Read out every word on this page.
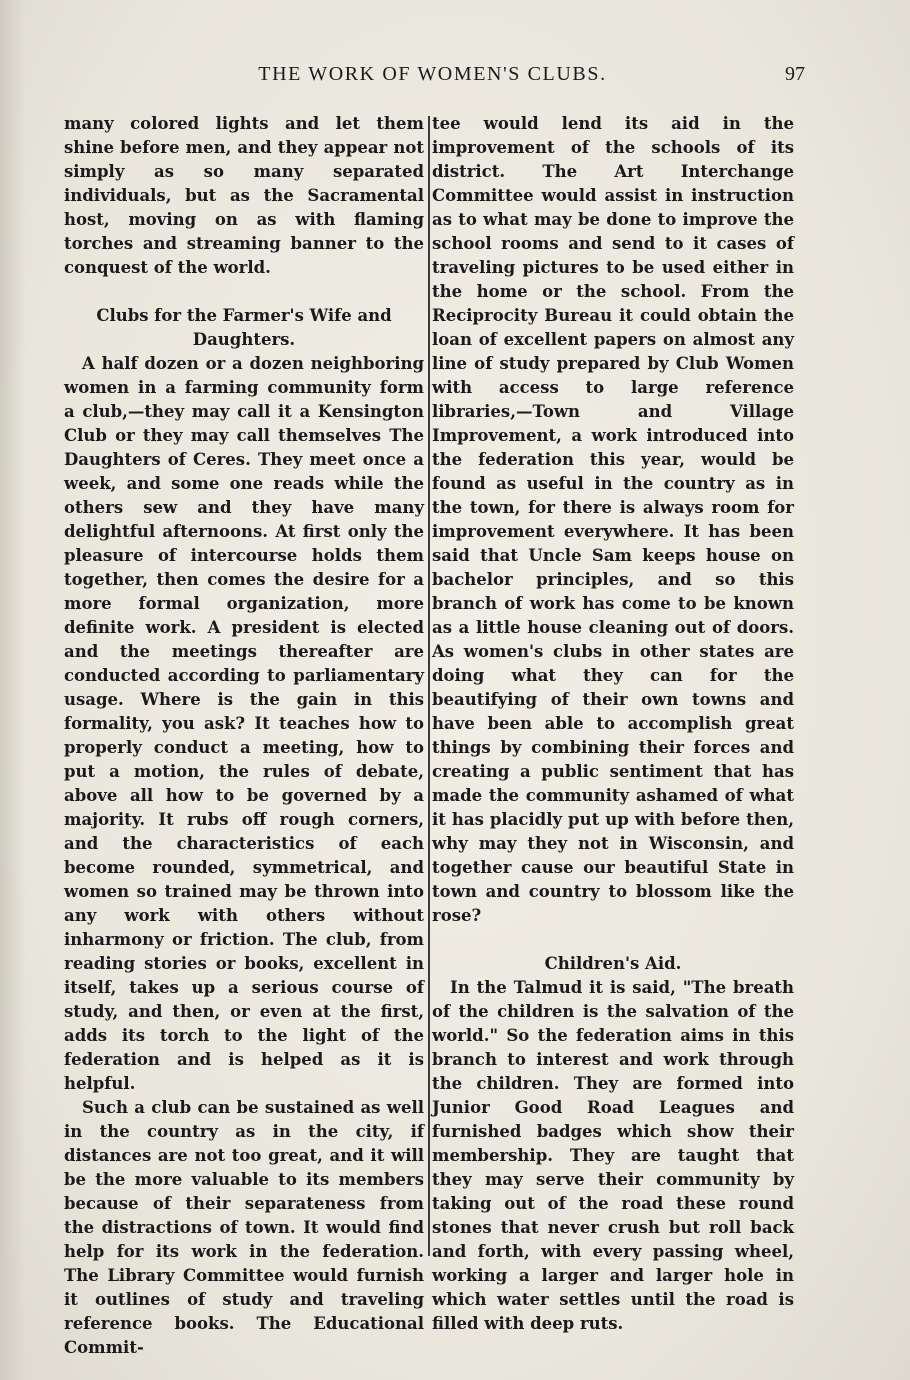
THE WORK OF WOMEN'S CLUBS.	97

many colored lights and let them shine before men, and they appear not simply as so many separated individuals, but as the Sacramental host, moving on as with flaming torches and streaming banner to the conquest of the world.

Clubs for the Farmer's Wife and Daughters.

A half dozen or a dozen neighboring women in a farming community form a club,—they may call it a Kensington Club or they may call themselves The Daughters of Ceres. They meet once a week, and some one reads while the others sew and they have many delightful afternoons. At first only the pleasure of intercourse holds them together, then comes the desire for a more formal organization, more definite work. A president is elected and the meetings thereafter are conducted according to parliamentary usage. Where is the gain in this formality, you ask? It teaches how to properly conduct a meeting, how to put a motion, the rules of debate, above all how to be governed by a majority. It rubs off rough corners, and the characteristics of each become rounded, symmetrical, and women so trained may be thrown into any work with others without inharmony or friction. The club, from reading stories or books, excellent in itself, takes up a serious course of study, and then, or even at the first, adds its torch to the light of the federation and is helped as it is helpful.

Such a club can be sustained as well in the country as in the city, if distances are not too great, and it will be the more valuable to its members because of their separateness from the distractions of town. It would find help for its work in the federation. The Library Committee would furnish it outlines of study and traveling reference books. The Educational Commit-

tee would lend its aid in the improvement of the schools of its district. The Art Interchange Committee would assist in instruction as to what may be done to improve the school rooms and send to it cases of traveling pictures to be used either in the home or the school. From the Reciprocity Bureau it could obtain the loan of excellent papers on almost any line of study prepared by Club Women with access to large reference libraries,—Town and Village Improvement, a work introduced into the federation this year, would be found as useful in the country as in the town, for there is always room for improvement everywhere. It has been said that Uncle Sam keeps house on bachelor principles, and so this branch of work has come to be known as a little house cleaning out of doors. As women's clubs in other states are doing what they can for the beautifying of their own towns and have been able to accomplish great things by combining their forces and creating a public sentiment that has made the community ashamed of what it has placidly put up with before then, why may they not in Wisconsin, and together cause our beautiful State in town and country to blossom like the rose?

Children's Aid.

In the Talmud it is said, "The breath of the children is the salvation of the world." So the federation aims in this branch to interest and work through the children. They are formed into Junior Good Road Leagues and furnished badges which show their membership. They are taught that they may serve their community by taking out of the road these round stones that never crush but roll back and forth, with every passing wheel, working a larger and larger hole in which water settles until the road is filled with deep ruts.
